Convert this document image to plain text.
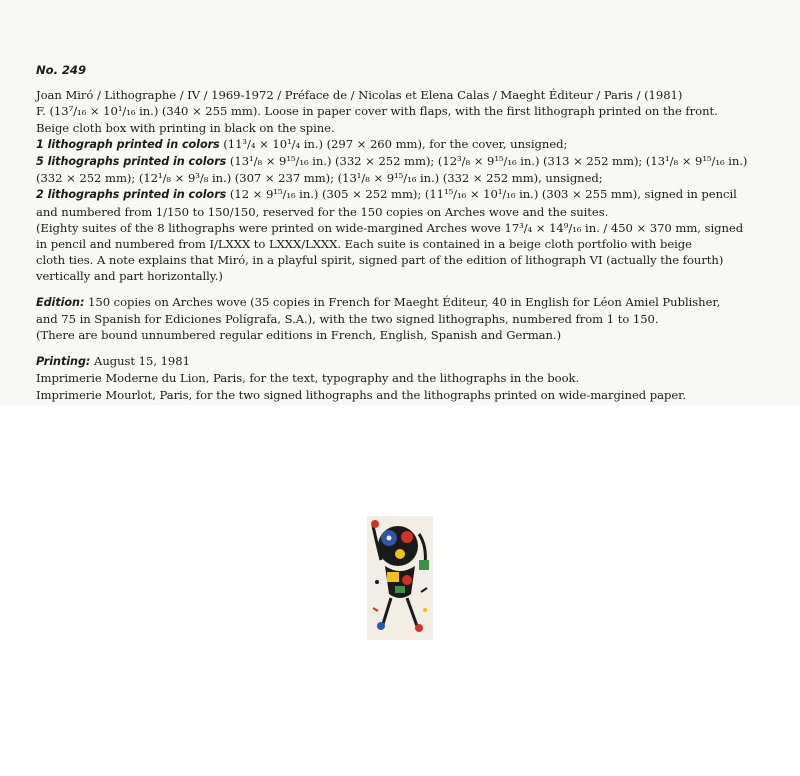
No. 249
Joan Miró / Lithographe / IV / 1969-1972 / Préface de / Nicolas et Elena Calas / Maeght Éditeur / Paris / (1981)
F. (13⁷/₁₆ × 10¹/₁₆ in.) (340 × 255 mm). Loose in paper cover with flaps, with the first lithograph printed on the front.
Beige cloth box with printing in black on the spine.
1 lithograph printed in colors (11³/₄ × 10¹/₄ in.) (297 × 260 mm), for the cover, unsigned;
5 lithographs printed in colors (13¹/₈ × 9¹⁵/₁₆ in.) (332 × 252 mm); (12³/₈ × 9¹⁵/₁₆ in.) (313 × 252 mm); (13¹/₈ × 9¹⁵/₁₆ in.)
(332 × 252 mm); (12¹/₈ × 9³/₈ in.) (307 × 237 mm); (13¹/₈ × 9¹⁵/₁₆ in.) (332 × 252 mm), unsigned;
2 lithographs printed in colors (12 × 9¹⁵/₁₆ in.) (305 × 252 mm); (11¹⁵/₁₆ × 10¹/₁₆ in.) (303 × 255 mm), signed in pencil
and numbered from 1/150 to 150/150, reserved for the 150 copies on Arches wove and the suites.
(Eighty suites of the 8 lithographs were printed on wide-margined Arches wove 17³/₄ × 14⁹/₁₆ in. / 450 × 370 mm, signed
in pencil and numbered from I/LXXX to LXXX/LXXX. Each suite is contained in a beige cloth portfolio with beige
cloth ties. A note explains that Miró, in a playful spirit, signed part of the edition of lithograph VI (actually the fourth)
vertically and part horizontally.)
Edition: 150 copies on Arches wove (35 copies in French for Maeght Éditeur, 40 in English for Léon Amiel Publisher,
and 75 in Spanish for Ediciones Polígrafa, S.A.), with the two signed lithographs, numbered from 1 to 150.
(There are bound unnumbered regular editions in French, English, Spanish and German.)
Printing: August 15, 1981
Imprimerie Moderne du Lion, Paris, for the text, typography and the lithographs in the book.
Imprimerie Mourlot, Paris, for the two signed lithographs and the lithographs printed on wide-margined paper.
